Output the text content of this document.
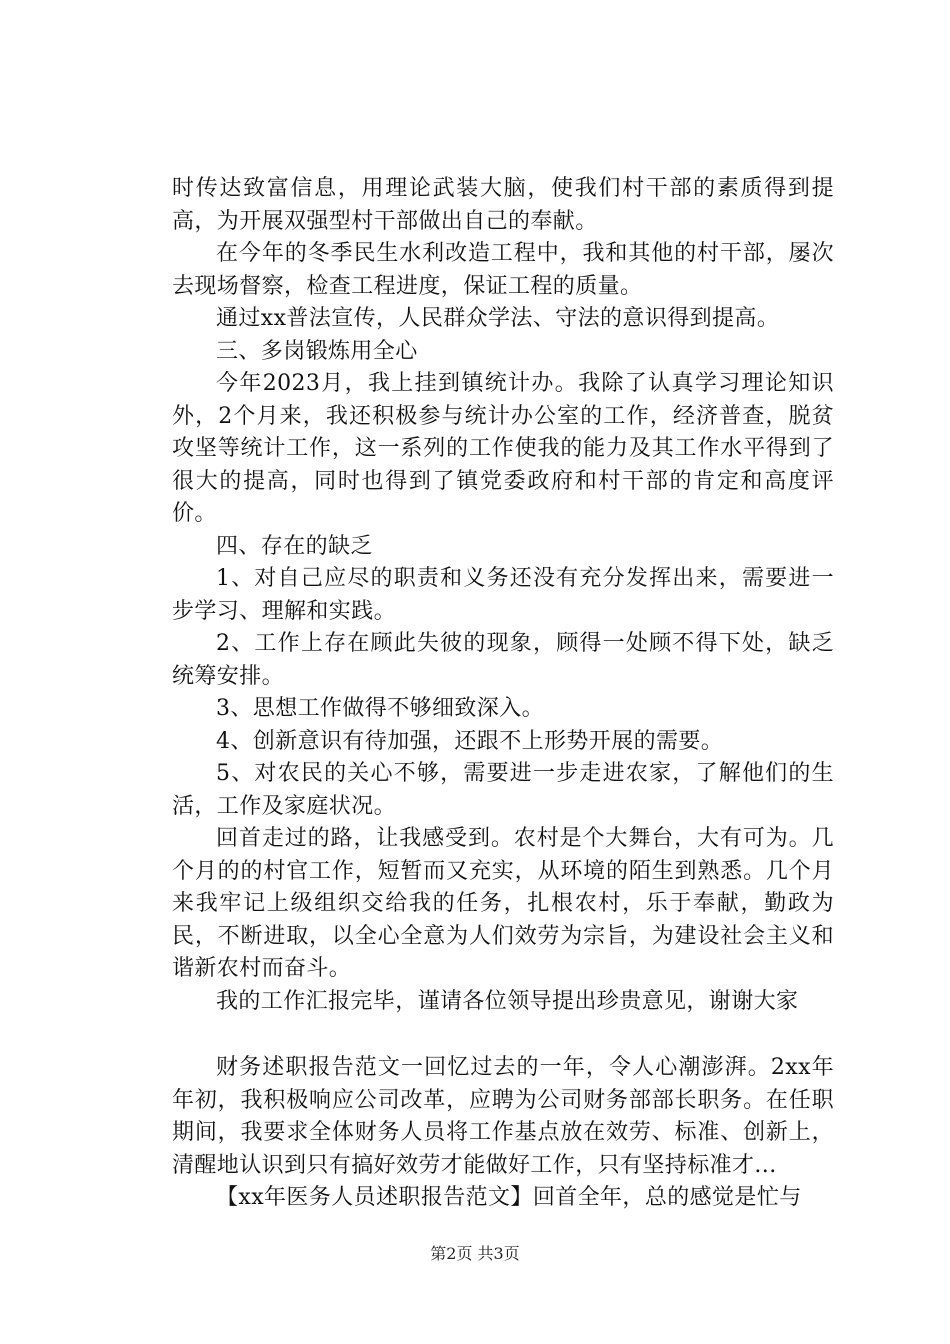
时传达致富信息，用理论武装大脑，使我们村干部的素质得到提高，为开展双强型村干部做出自己的奉献。

在今年的冬季民生水利改造工程中，我和其他的村干部，屡次去现场督察，检查工程进度，保证工程的质量。

通过xx普法宣传，人民群众学法、守法的意识得到提高。

三、多岗锻炼用全心

今年2023月，我上挂到镇统计办。我除了认真学习理论知识外，2个月来，我还积极参与统计办公室的工作，经济普查，脱贫攻坚等统计工作，这一系列的工作使我的能力及其工作水平得到了很大的提高，同时也得到了镇党委政府和村干部的肯定和高度评价。

四、存在的缺乏

1、对自己应尽的职责和义务还没有充分发挥出来，需要进一步学习、理解和实践。

2、工作上存在顾此失彼的现象，顾得一处顾不得下处，缺乏统筹安排。

3、思想工作做得不够细致深入。

4、创新意识有待加强，还跟不上形势开展的需要。

5、对农民的关心不够，需要进一步走进农家，了解他们的生活，工作及家庭状况。

回首走过的路，让我感受到。农村是个大舞台，大有可为。几个月的的村官工作，短暂而又充实，从环境的陌生到熟悉。几个月来我牢记上级组织交给我的任务，扎根农村，乐于奉献，勤政为民，不断进取，以全心全意为人们效劳为宗旨，为建设社会主义和谐新农村而奋斗。

我的工作汇报完毕，谨请各位领导提出珍贵意见，谢谢大家

财务述职报告范文一回忆过去的一年，令人心潮澎湃。2xx年年初，我积极响应公司改革，应聘为公司财务部部长职务。在任职期间，我要求全体财务人员将工作基点放在效劳、标准、创新上，清醒地认识到只有搞好效劳才能做好工作，只有坚持标准才...

【xx年医务人员述职报告范文】回首全年，总的感觉是忙与

第2页 共3页
